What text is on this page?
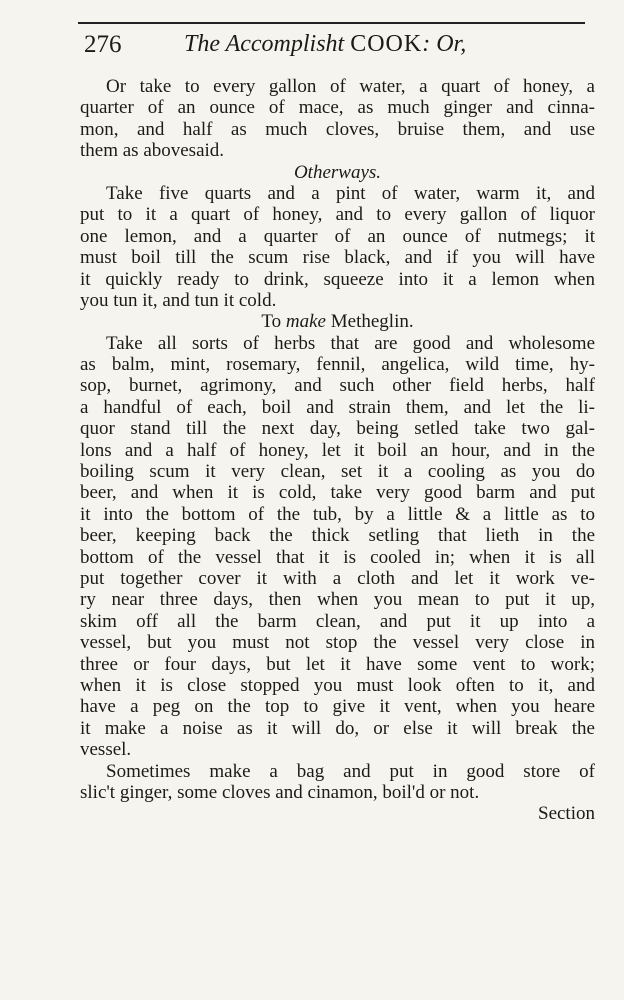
276	The Accomplisht COOK: Or,
Or take to every gallon of water, a quart of honey, a
quarter of an ounce of mace, as much ginger and cinna-
mon, and half as much cloves, bruise them, and use
them as abovesaid.
Otherways.
Take five quarts and a pint of water, warm it, and
put to it a quart of honey, and to every gallon of liquor
one lemon, and a quarter of an ounce of nutmegs; it
must boil till the scum rise black, and if you will have
it quickly ready to drink, squeeze into it a lemon when
you tun it, and tun it cold.
To make Metheglin.
Take all sorts of herbs that are good and wholesome
as balm, mint, rosemary, fennil, angelica, wild time, hy-
sop, burnet, agrimony, and such other field herbs, half
a handful of each, boil and strain them, and let the li-
quor stand till the next day, being setled take two gal-
lons and a half of honey, let it boil an hour, and in the
boiling scum it very clean, set it a cooling as you do
beer, and when it is cold, take very good barm and put
it into the bottom of the tub, by a little & a little as to
beer, keeping back the thick setling that lieth in the
bottom of the vessel that it is cooled in; when it is all
put together cover it with a cloth and let it work ve-
ry near three days, then when you mean to put it up,
skim off all the barm clean, and put it up into a
vessel, but you must not stop the vessel very close in
three or four days, but let it have some vent to work;
when it is close stopped you must look often to it, and
have a peg on the top to give it vent, when you heare
it make a noise as it will do, or else it will break the
vessel.
Sometimes make a bag and put in good store of
slic't ginger, some cloves and cinamon, boil'd or not.
Section
